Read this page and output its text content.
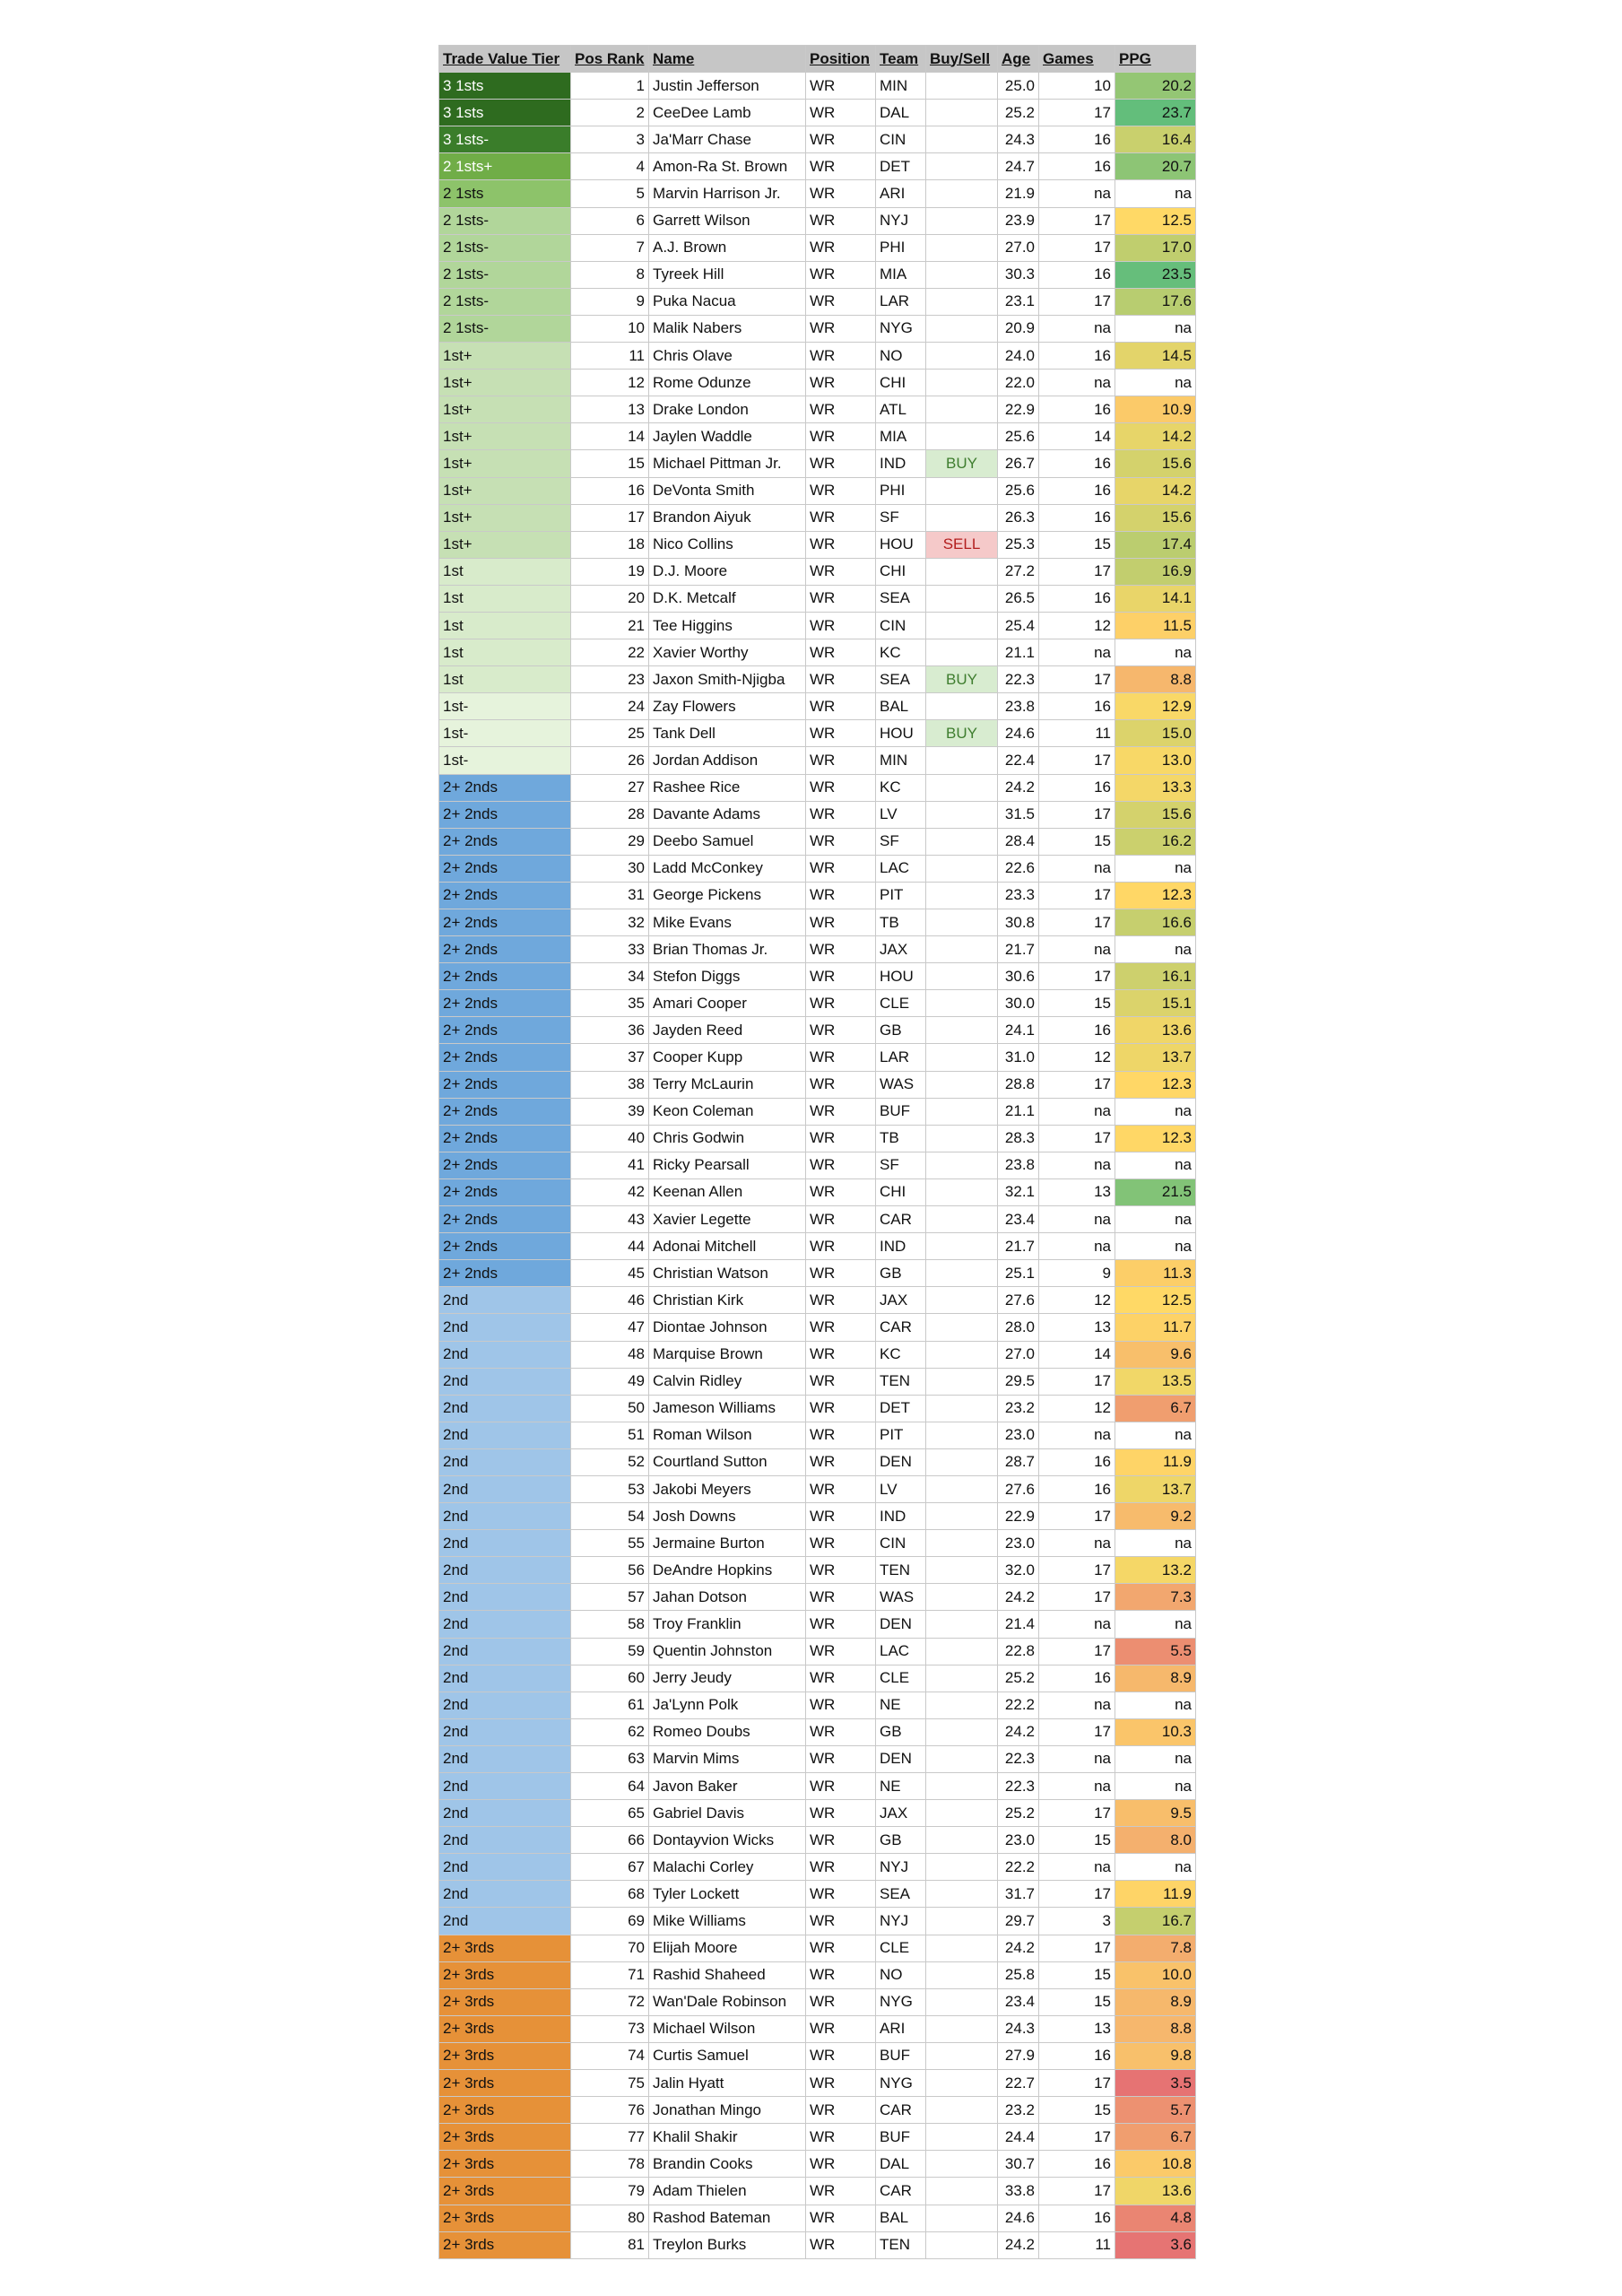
Trade Value Tier	Pos Rank	Name	Position	Team	Buy/Sell	Age	Games	PPG
3 1sts	1	Justin Jefferson	WR	MIN		25.0	10	20.2
3 1sts	2	CeeDee Lamb	WR	DAL		25.2	17	23.7
3 1sts-	3	Ja'Marr Chase	WR	CIN		24.3	16	16.4
2 1sts+	4	Amon-Ra St. Brown	WR	DET		24.7	16	20.7
2 1sts	5	Marvin Harrison Jr.	WR	ARI		21.9	na	na
2 1sts-	6	Garrett Wilson	WR	NYJ		23.9	17	12.5
2 1sts-	7	A.J. Brown	WR	PHI		27.0	17	17.0
2 1sts-	8	Tyreek Hill	WR	MIA		30.3	16	23.5
2 1sts-	9	Puka Nacua	WR	LAR		23.1	17	17.6
2 1sts-	10	Malik Nabers	WR	NYG		20.9	na	na
1st+	11	Chris Olave	WR	NO		24.0	16	14.5
1st+	12	Rome Odunze	WR	CHI		22.0	na	na
1st+	13	Drake London	WR	ATL		22.9	16	10.9
1st+	14	Jaylen Waddle	WR	MIA		25.6	14	14.2
1st+	15	Michael Pittman Jr.	WR	IND	BUY	26.7	16	15.6
1st+	16	DeVonta Smith	WR	PHI		25.6	16	14.2
1st+	17	Brandon Aiyuk	WR	SF		26.3	16	15.6
1st+	18	Nico Collins	WR	HOU	SELL	25.3	15	17.4
1st	19	D.J. Moore	WR	CHI		27.2	17	16.9
1st	20	D.K. Metcalf	WR	SEA		26.5	16	14.1
1st	21	Tee Higgins	WR	CIN		25.4	12	11.5
1st	22	Xavier Worthy	WR	KC		21.1	na	na
1st	23	Jaxon Smith-Njigba	WR	SEA	BUY	22.3	17	8.8
1st-	24	Zay Flowers	WR	BAL		23.8	16	12.9
1st-	25	Tank Dell	WR	HOU	BUY	24.6	11	15.0
1st-	26	Jordan Addison	WR	MIN		22.4	17	13.0
2+ 2nds	27	Rashee Rice	WR	KC		24.2	16	13.3
2+ 2nds	28	Davante Adams	WR	LV		31.5	17	15.6
2+ 2nds	29	Deebo Samuel	WR	SF		28.4	15	16.2
2+ 2nds	30	Ladd McConkey	WR	LAC		22.6	na	na
2+ 2nds	31	George Pickens	WR	PIT		23.3	17	12.3
2+ 2nds	32	Mike Evans	WR	TB		30.8	17	16.6
2+ 2nds	33	Brian Thomas Jr.	WR	JAX		21.7	na	na
2+ 2nds	34	Stefon Diggs	WR	HOU		30.6	17	16.1
2+ 2nds	35	Amari Cooper	WR	CLE		30.0	15	15.1
2+ 2nds	36	Jayden Reed	WR	GB		24.1	16	13.6
2+ 2nds	37	Cooper Kupp	WR	LAR		31.0	12	13.7
2+ 2nds	38	Terry McLaurin	WR	WAS		28.8	17	12.3
2+ 2nds	39	Keon Coleman	WR	BUF		21.1	na	na
2+ 2nds	40	Chris Godwin	WR	TB		28.3	17	12.3
2+ 2nds	41	Ricky Pearsall	WR	SF		23.8	na	na
2+ 2nds	42	Keenan Allen	WR	CHI		32.1	13	21.5
2+ 2nds	43	Xavier Legette	WR	CAR		23.4	na	na
2+ 2nds	44	Adonai Mitchell	WR	IND		21.7	na	na
2+ 2nds	45	Christian Watson	WR	GB		25.1	9	11.3
2nd	46	Christian Kirk	WR	JAX		27.6	12	12.5
2nd	47	Diontae Johnson	WR	CAR		28.0	13	11.7
2nd	48	Marquise Brown	WR	KC		27.0	14	9.6
2nd	49	Calvin Ridley	WR	TEN		29.5	17	13.5
2nd	50	Jameson Williams	WR	DET		23.2	12	6.7
2nd	51	Roman Wilson	WR	PIT		23.0	na	na
2nd	52	Courtland Sutton	WR	DEN		28.7	16	11.9
2nd	53	Jakobi Meyers	WR	LV		27.6	16	13.7
2nd	54	Josh Downs	WR	IND		22.9	17	9.2
2nd	55	Jermaine Burton	WR	CIN		23.0	na	na
2nd	56	DeAndre Hopkins	WR	TEN		32.0	17	13.2
2nd	57	Jahan Dotson	WR	WAS		24.2	17	7.3
2nd	58	Troy Franklin	WR	DEN		21.4	na	na
2nd	59	Quentin Johnston	WR	LAC		22.8	17	5.5
2nd	60	Jerry Jeudy	WR	CLE		25.2	16	8.9
2nd	61	Ja'Lynn Polk	WR	NE		22.2	na	na
2nd	62	Romeo Doubs	WR	GB		24.2	17	10.3
2nd	63	Marvin Mims	WR	DEN		22.3	na	na
2nd	64	Javon Baker	WR	NE		22.3	na	na
2nd	65	Gabriel Davis	WR	JAX		25.2	17	9.5
2nd	66	Dontayvion Wicks	WR	GB		23.0	15	8.0
2nd	67	Malachi Corley	WR	NYJ		22.2	na	na
2nd	68	Tyler Lockett	WR	SEA		31.7	17	11.9
2nd	69	Mike Williams	WR	NYJ		29.7	3	16.7
2+ 3rds	70	Elijah Moore	WR	CLE		24.2	17	7.8
2+ 3rds	71	Rashid Shaheed	WR	NO		25.8	15	10.0
2+ 3rds	72	Wan'Dale Robinson	WR	NYG		23.4	15	8.9
2+ 3rds	73	Michael Wilson	WR	ARI		24.3	13	8.8
2+ 3rds	74	Curtis Samuel	WR	BUF		27.9	16	9.8
2+ 3rds	75	Jalin Hyatt	WR	NYG		22.7	17	3.5
2+ 3rds	76	Jonathan Mingo	WR	CAR		23.2	15	5.7
2+ 3rds	77	Khalil Shakir	WR	BUF		24.4	17	6.7
2+ 3rds	78	Brandin Cooks	WR	DAL		30.7	16	10.8
2+ 3rds	79	Adam Thielen	WR	CAR		33.8	17	13.6
2+ 3rds	80	Rashod Bateman	WR	BAL		24.6	16	4.8
2+ 3rds	81	Treylon Burks	WR	TEN		24.2	11	3.6
